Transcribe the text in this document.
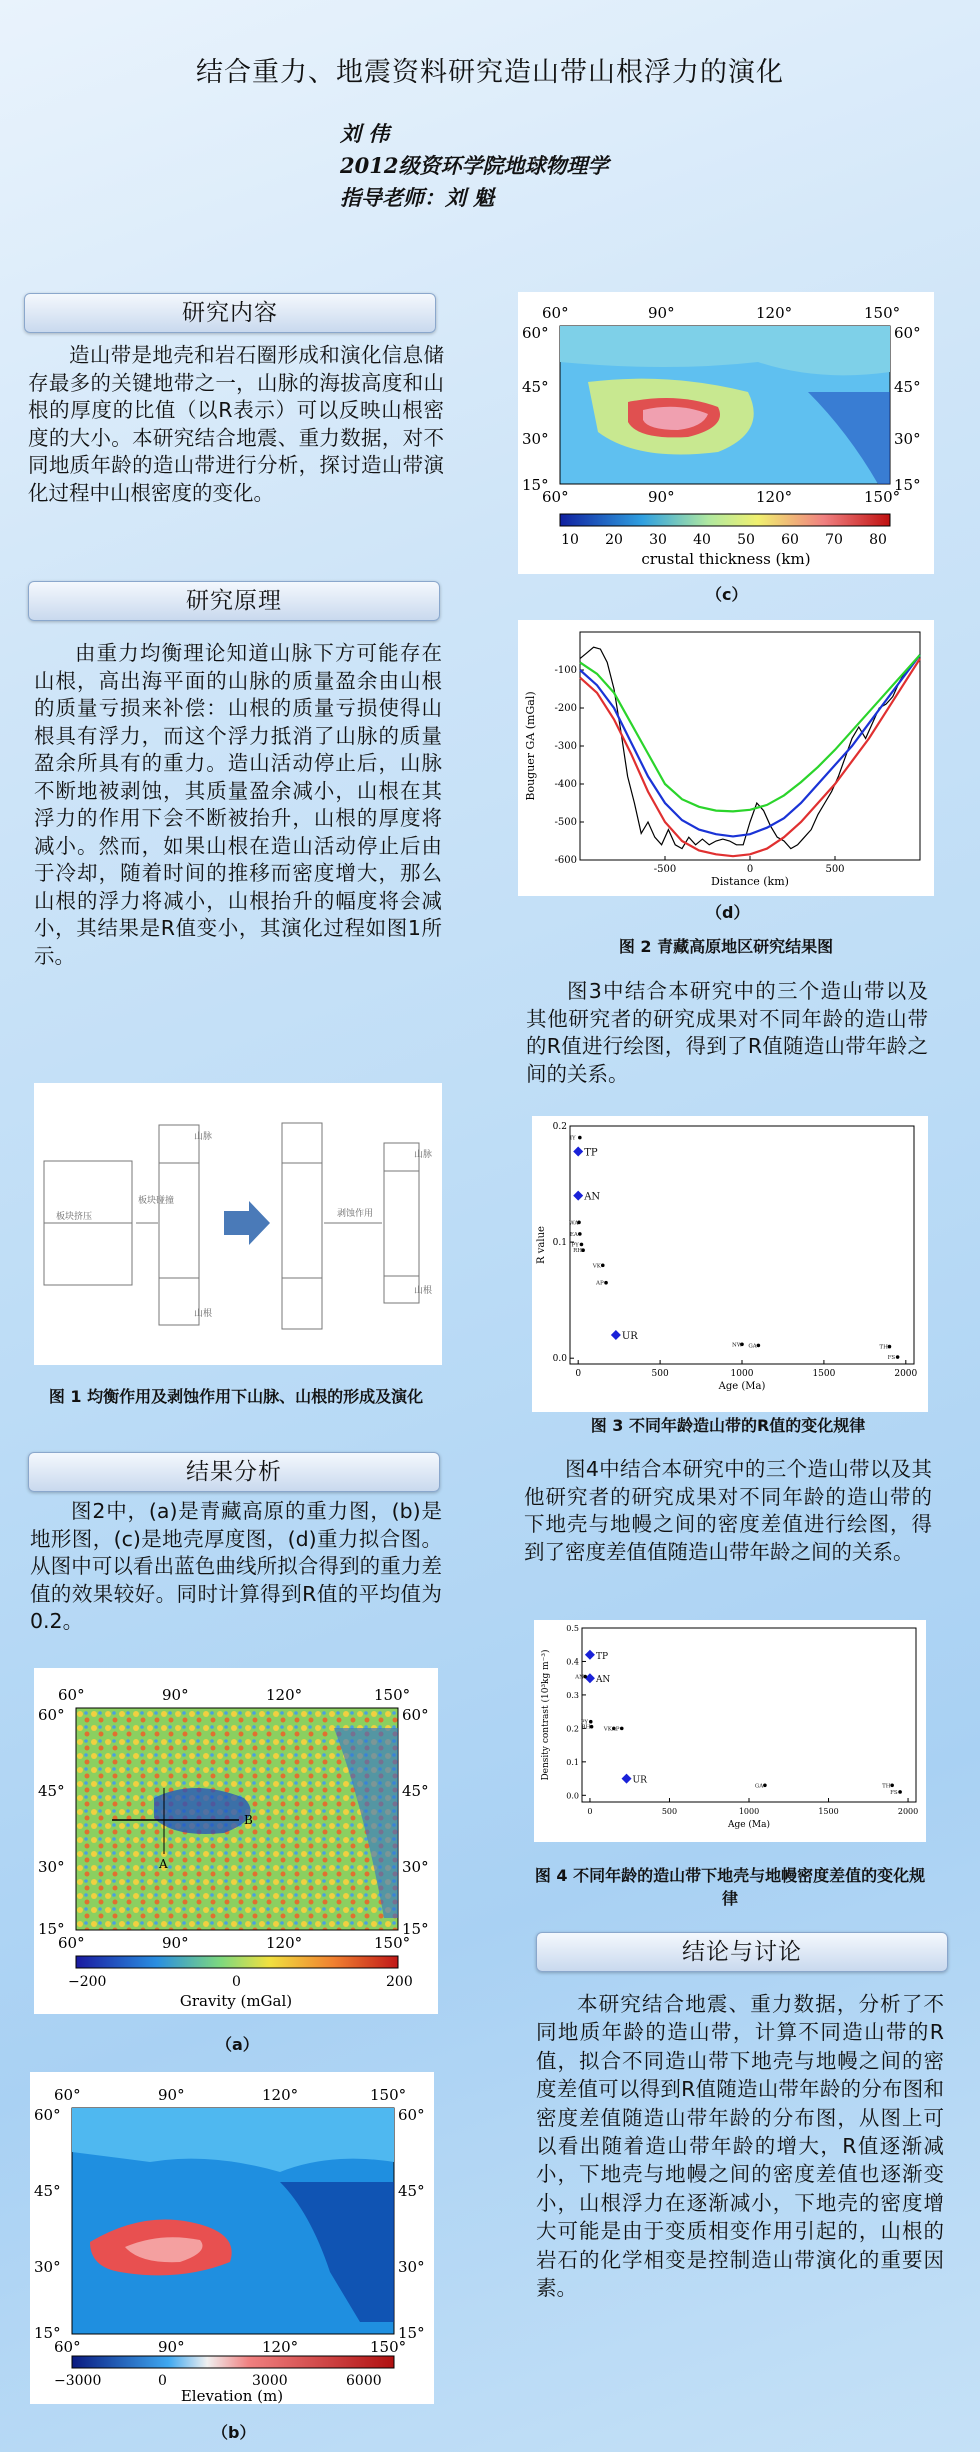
结合重力、地震资料研究造山带山根浮力的演化
刘 伟
2012级资环学院地球物理学
指导老师：刘 魁
研究内容
造山带是地壳和岩石圈形成和演化信息储存最多的关键地带之一，山脉的海拔高度和山根的厚度的比值（以R表示）可以反映山根密度的大小。本研究结合地震、重力数据，对不同地质年龄的造山带进行分析，探讨造山带演化过程中山根密度的变化。
研究原理
由重力均衡理论知道山脉下方可能存在山根，高出海平面的山脉的质量盈余由山根的质量亏损来补偿：山根的质量亏损使得山根具有浮力，而这个浮力抵消了山脉的质量盈余所具有的重力。造山活动停止后，山脉不断地被剥蚀，其质量盈余减小，山根在其浮力的作用下会不断被抬升，山根的厚度将减小。然而，如果山根在造山活动停止后由于冷却，随着时间的推移而密度增大，那么山根的浮力将减小，山根抬升的幅度将会减小，其结果是R值变小，其演化过程如图1所示。
板块挤压
板块碰撞
山脉
山根
剥蚀作用
山脉
山根
图 1 均衡作用及剥蚀作用下山脉、山根的形成及演化
结果分析
图2中，(a)是青藏高原的重力图，(b)是地形图，(c)是地壳厚度图，(d)重力拟合图。从图中可以看出蓝色曲线所拟合得到的重力差值的效果较好。同时计算得到R值的平均值为0.2。
A
B
60°	90°	120°	150°
60°	90°	120°	150°
60°
45°
30°
15°
60°
45°
30°
15°
−200	0	200
Gravity (mGal)
（a）
60°	90°	120°	150°
60°	90°	120°	150°
60°
45°
30°
15°
60°
45°
30°
15°
−3000	0	3000	6000
Elevation (m)
（b）
60°	90°	120°	150°
60°	90°	120°	150°
60°
45°
30°
15°
60°
45°
30°
15°
10 20 30 40 50 60 70 80
crustal thickness (km)
（c）
-500	0	500
-100
-200
-300
-400
-500
-600
Distance (km)
Bouguer GA (mGal)
（d）
图 2 青藏高原地区研究结果图
图3中结合本研究中的三个造山带以及其他研究者的研究成果对不同年龄的造山带的R值进行绘图，得到了R值随造山带年龄之间的关系。
0	500	1000	1500	2000
0.0
0.1
0.2
Age (Ma)
R value
TP
AN
UR
IY
WA
EA
PY
RH
VK
AP
NW GA	TH
FS
图 3 不同年龄造山带的R值的变化规律
图4中结合本研究中的三个造山带以及其他研究者的研究成果对不同年龄的造山带的下地壳与地幔之间的密度差值进行绘图，得到了密度差值值随造山带年龄之间的关系。
0	500	1000	1500	2000
0.0
0.1
0.2
0.3
0.4
0.5
Age (Ma)
Density contrast (10³kg m⁻³)	TP
AN
UR
AN
PY
RH VK AP
GA	TH
FS
图 4 不同年龄的造山带下地壳与地幔密度差值的变化规律
结论与讨论
本研究结合地震、重力数据，分析了不同地质年龄的造山带，计算不同造山带的R值，拟合不同造山带下地壳与地幔之间的密度差值可以得到R值随造山带年龄的分布图和密度差值随造山带年龄的分布图，从图上可以看出随着造山带年龄的增大，R值逐渐减小，下地壳与地幔之间的密度差值也逐渐变小，山根浮力在逐渐减小，下地壳的密度增大可能是由于变质相变作用引起的，山根的岩石的化学相变是控制造山带演化的重要因素。
